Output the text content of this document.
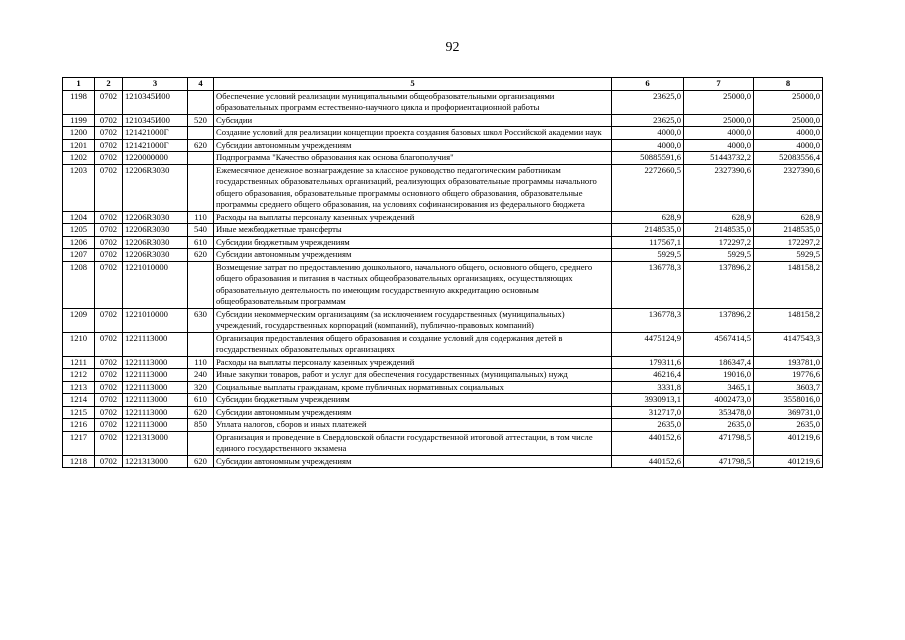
92
1	2	3	4	5	6	7	8
1198	0702	1210345И00		Обеспечение условий реализации муниципальными общеобразовательными организациями образовательных программ естественно-научного цикла и профориентационной работы	23625,0	25000,0	25000,0
1199	0702	1210345И00	520	Субсидии	23625,0	25000,0	25000,0
1200	0702	121421000Г		Создание условий для реализации концепции проекта создания базовых школ Российской академии наук	4000,0	4000,0	4000,0
1201	0702	121421000Г	620	Субсидии автономным учреждениям	4000,0	4000,0	4000,0
1202	0702	1220000000		Подпрограмма "Качество образования как основа благополучия"	50885591,6	51443732,2	52083556,4
1203	0702	12206R3030		Ежемесячное денежное вознаграждение за классное руководство педагогическим работникам государственных образовательных организаций, реализующих образовательные программы начального общего образования, образовательные программы основного общего образования, образовательные программы среднего общего образования, на условиях софинансирования из федерального бюджета	2272660,5	2327390,6	2327390,6
1204	0702	12206R3030	110	Расходы на выплаты персоналу казенных учреждений	628,9	628,9	628,9
1205	0702	12206R3030	540	Иные межбюджетные трансферты	2148535,0	2148535,0	2148535,0
1206	0702	12206R3030	610	Субсидии бюджетным учреждениям	117567,1	172297,2	172297,2
1207	0702	12206R3030	620	Субсидии автономным учреждениям	5929,5	5929,5	5929,5
1208	0702	1221010000		Возмещение затрат по предоставлению дошкольного, начального общего, основного общего, среднего общего образования и питания в частных общеобразовательных организациях, осуществляющих образовательную деятельность по имеющим государственную аккредитацию основным общеобразовательным программам	136778,3	137896,2	148158,2
1209	0702	1221010000	630	Субсидии некоммерческим организациям (за исключением государственных (муниципальных) учреждений, государственных корпораций (компаний), публично-правовых компаний)	136778,3	137896,2	148158,2
1210	0702	1221113000		Организация предоставления общего образования и создание условий для содержания детей в государственных образовательных организациях	4475124,9	4567414,5	4147543,3
1211	0702	1221113000	110	Расходы на выплаты персоналу казенных учреждений	179311,6	186347,4	193781,0
1212	0702	1221113000	240	Иные закупки товаров, работ и услуг для обеспечения государственных (муниципальных) нужд	46216,4	19016,0	19776,6
1213	0702	1221113000	320	Социальные выплаты гражданам, кроме публичных нормативных социальных	3331,8	3465,1	3603,7
1214	0702	1221113000	610	Субсидии бюджетным учреждениям	3930913,1	4002473,0	3558016,0
1215	0702	1221113000	620	Субсидии автономным учреждениям	312717,0	353478,0	369731,0
1216	0702	1221113000	850	Уплата налогов, сборов и иных платежей	2635,0	2635,0	2635,0
1217	0702	1221313000		Организация и проведение в Свердловской области государственной итоговой аттестации, в том числе единого государственного экзамена	440152,6	471798,5	401219,6
1218	0702	1221313000	620	Субсидии автономным учреждениям	440152,6	471798,5	401219,6
